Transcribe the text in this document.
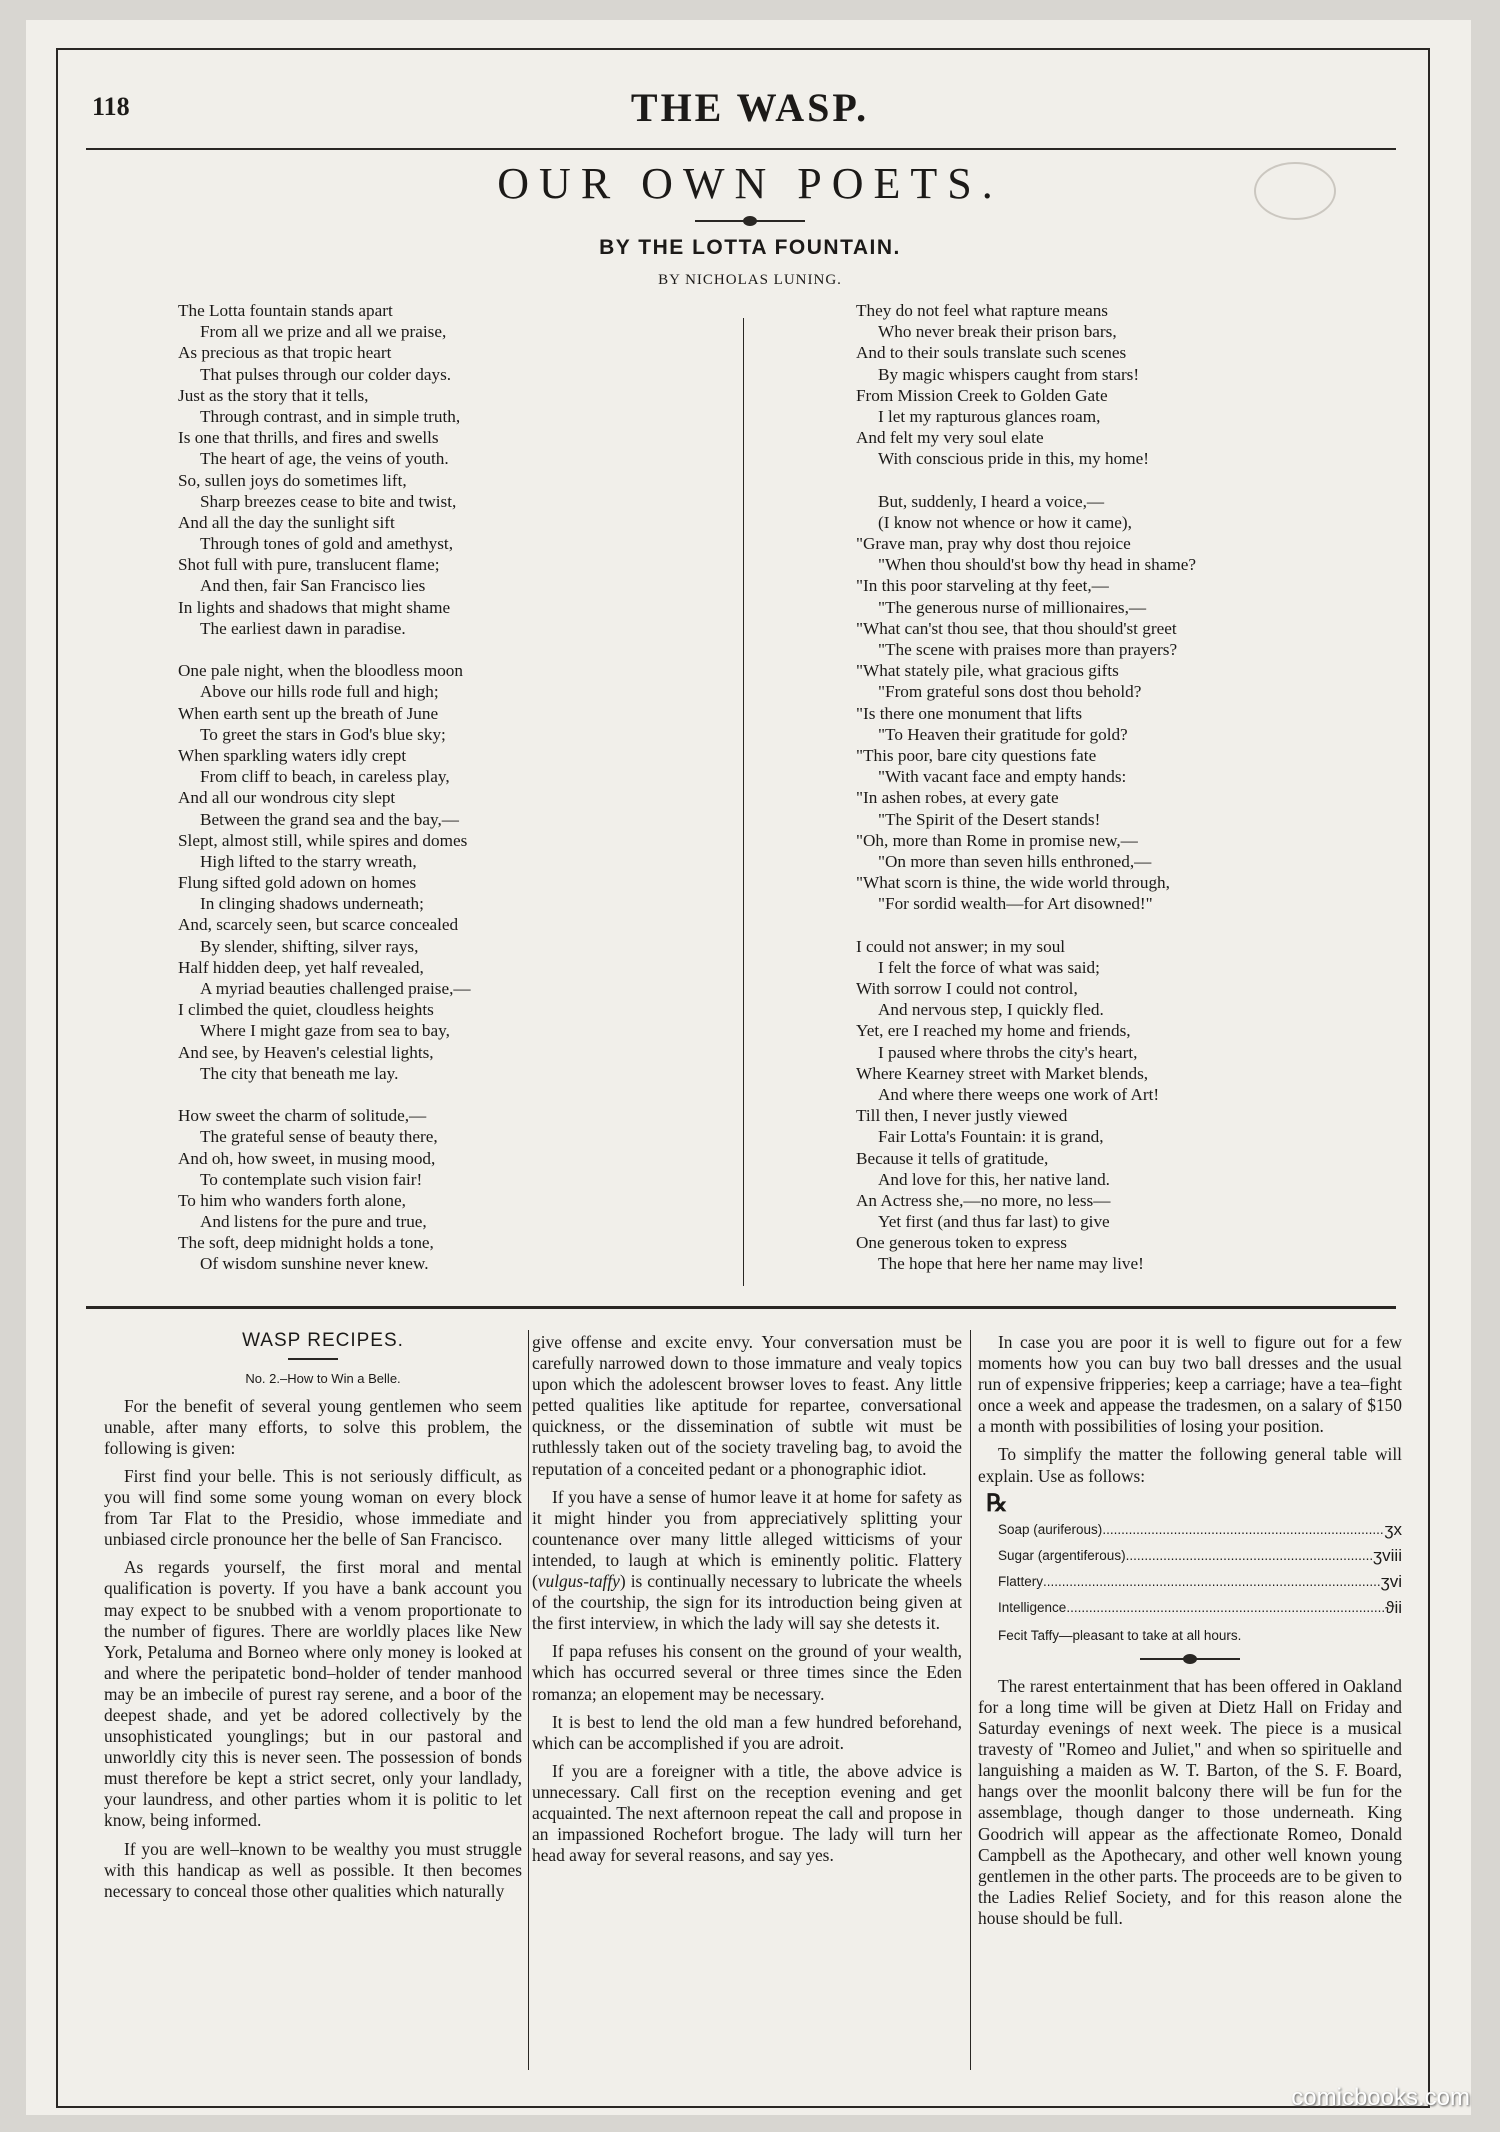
118	THE WASP.
OUR OWN POETS.
BY THE LOTTA FOUNTAIN.
BY NICHOLAS LUNING.
The Lotta fountain stands apart
From all we prize and all we praise,
As precious as that tropic heart
That pulses through our colder days.
Just as the story that it tells,
Through contrast, and in simple truth,
Is one that thrills, and fires and swells
The heart of age, the veins of youth.
So, sullen joys do sometimes lift,
Sharp breezes cease to bite and twist,
And all the day the sunlight sift
Through tones of gold and amethyst,
Shot full with pure, translucent flame;
And then, fair San Francisco lies
In lights and shadows that might shame
The earliest dawn in paradise.
One pale night, when the bloodless moon
Above our hills rode full and high;
When earth sent up the breath of June
To greet the stars in God's blue sky;
When sparkling waters idly crept
From cliff to beach, in careless play,
And all our wondrous city slept
Between the grand sea and the bay,—
Slept, almost still, while spires and domes
High lifted to the starry wreath,
Flung sifted gold adown on homes
In clinging shadows underneath;
And, scarcely seen, but scarce concealed
By slender, shifting, silver rays,
Half hidden deep, yet half revealed,
A myriad beauties challenged praise,—
I climbed the quiet, cloudless heights
Where I might gaze from sea to bay,
And see, by Heaven's celestial lights,
The city that beneath me lay.
How sweet the charm of solitude,—
The grateful sense of beauty there,
And oh, how sweet, in musing mood,
To contemplate such vision fair!
To him who wanders forth alone,
And listens for the pure and true,
The soft, deep midnight holds a tone,
Of wisdom sunshine never knew.
They do not feel what rapture means
Who never break their prison bars,
And to their souls translate such scenes
By magic whispers caught from stars!
From Mission Creek to Golden Gate
I let my rapturous glances roam,
And felt my very soul elate
With conscious pride in this, my home!
But, suddenly, I heard a voice,—
(I know not whence or how it came),
"Grave man, pray why dost thou rejoice
"When thou should'st bow thy head in shame?
"In this poor starveling at thy feet,—
"The generous nurse of millionaires,—
"What can'st thou see, that thou should'st greet
"The scene with praises more than prayers?
"What stately pile, what gracious gifts
"From grateful sons dost thou behold?
"Is there one monument that lifts
"To Heaven their gratitude for gold?
"This poor, bare city questions fate
"With vacant face and empty hands:
"In ashen robes, at every gate
"The Spirit of the Desert stands!
"Oh, more than Rome in promise new,—
"On more than seven hills enthroned,—
"What scorn is thine, the wide world through,
"For sordid wealth—for Art disowned!"
I could not answer; in my soul
I felt the force of what was said;
With sorrow I could not control,
And nervous step, I quickly fled.
Yet, ere I reached my home and friends,
I paused where throbs the city's heart,
Where Kearney street with Market blends,
And where there weeps one work of Art!
Till then, I never justly viewed
Fair Lotta's Fountain: it is grand,
Because it tells of gratitude,
And love for this, her native land.
An Actress she,—no more, no less—
Yet first (and thus far last) to give
One generous token to express
The hope that here her name may live!

WASP RECIPES.

No. 2.–How to Win a Belle.

For the benefit of several young gentlemen who seem unable, after many efforts, to solve this problem, the following is given:

First find your belle. This is not seriously difficult, as you will find some some young woman on every block from Tar Flat to the Presidio, whose immediate and unbiased circle pronounce her the belle of San Francisco.

As regards yourself, the first moral and mental qualification is poverty. If you have a bank account you may expect to be snubbed with a venom proportionate to the number of figures. There are worldly places like New York, Petaluma and Borneo where only money is looked at and where the peripatetic bond–holder of tender manhood may be an imbecile of purest ray serene, and a boor of the deepest shade, and yet be adored collectively by the unsophisticated younglings; but in our pastoral and unworldly city this is never seen. The possession of bonds must therefore be kept a strict secret, only your landlady, your laundress, and other parties whom it is politic to let know, being informed.

If you are well–known to be wealthy you must struggle with this handicap as well as possible. It then becomes necessary to conceal those other qualities which naturally

give offense and excite envy. Your conversation must be carefully narrowed down to those immature and vealy topics upon which the adolescent browser loves to feast. Any little petted qualities like aptitude for repartee, conversational quickness, or the dissemination of subtle wit must be ruthlessly taken out of the society traveling bag, to avoid the reputation of a conceited pedant or a phonographic idiot.

If you have a sense of humor leave it at home for safety as it might hinder you from appreciatively splitting your countenance over many little alleged witticisms of your intended, to laugh at which is eminently politic. Flattery (vulgus-taffy) is continually necessary to lubricate the wheels of the courtship, the sign for its introduction being given at the first interview, in which the lady will say she detests it.

If papa refuses his consent on the ground of your wealth, which has occurred several or three times since the Eden romanza; an elopement may be necessary.

It is best to lend the old man a few hundred beforehand, which can be accomplished if you are adroit.

If you are a foreigner with a title, the above advice is unnecessary. Call first on the reception evening and get acquainted. The next afternoon repeat the call and propose in an impassioned Rochefort brogue. The lady will turn her head away for several reasons, and say yes.

In case you are poor it is well to figure out for a few moments how you can buy two ball dresses and the usual run of expensive fripperies; keep a carriage; have a tea–fight once a week and appease the tradesmen, on a salary of $150 a month with possibilities of losing your position.

To simplify the matter the following general table will explain. Use as follows:

℞
Soap (auriferous) .....	ʒx
Sugar (argentiferous) .....	ʒviii
Flattery .....	ʒvi
Intelligence .....	ϑii
Fecit Taffy—pleasant to take at all hours.

The rarest entertainment that has been offered in Oakland for a long time will be given at Dietz Hall on Friday and Saturday evenings of next week. The piece is a musical travesty of "Romeo and Juliet," and when so spirituelle and languishing a maiden as W. T. Barton, of the S. F. Board, hangs over the moonlit balcony there will be fun for the assemblage, though danger to those underneath. King Goodrich will appear as the affectionate Romeo, Donald Campbell as the Apothecary, and other well known young gentlemen in the other parts. The proceeds are to be given to the Ladies Relief Society, and for this reason alone the house should be full.

comicbooks.com
